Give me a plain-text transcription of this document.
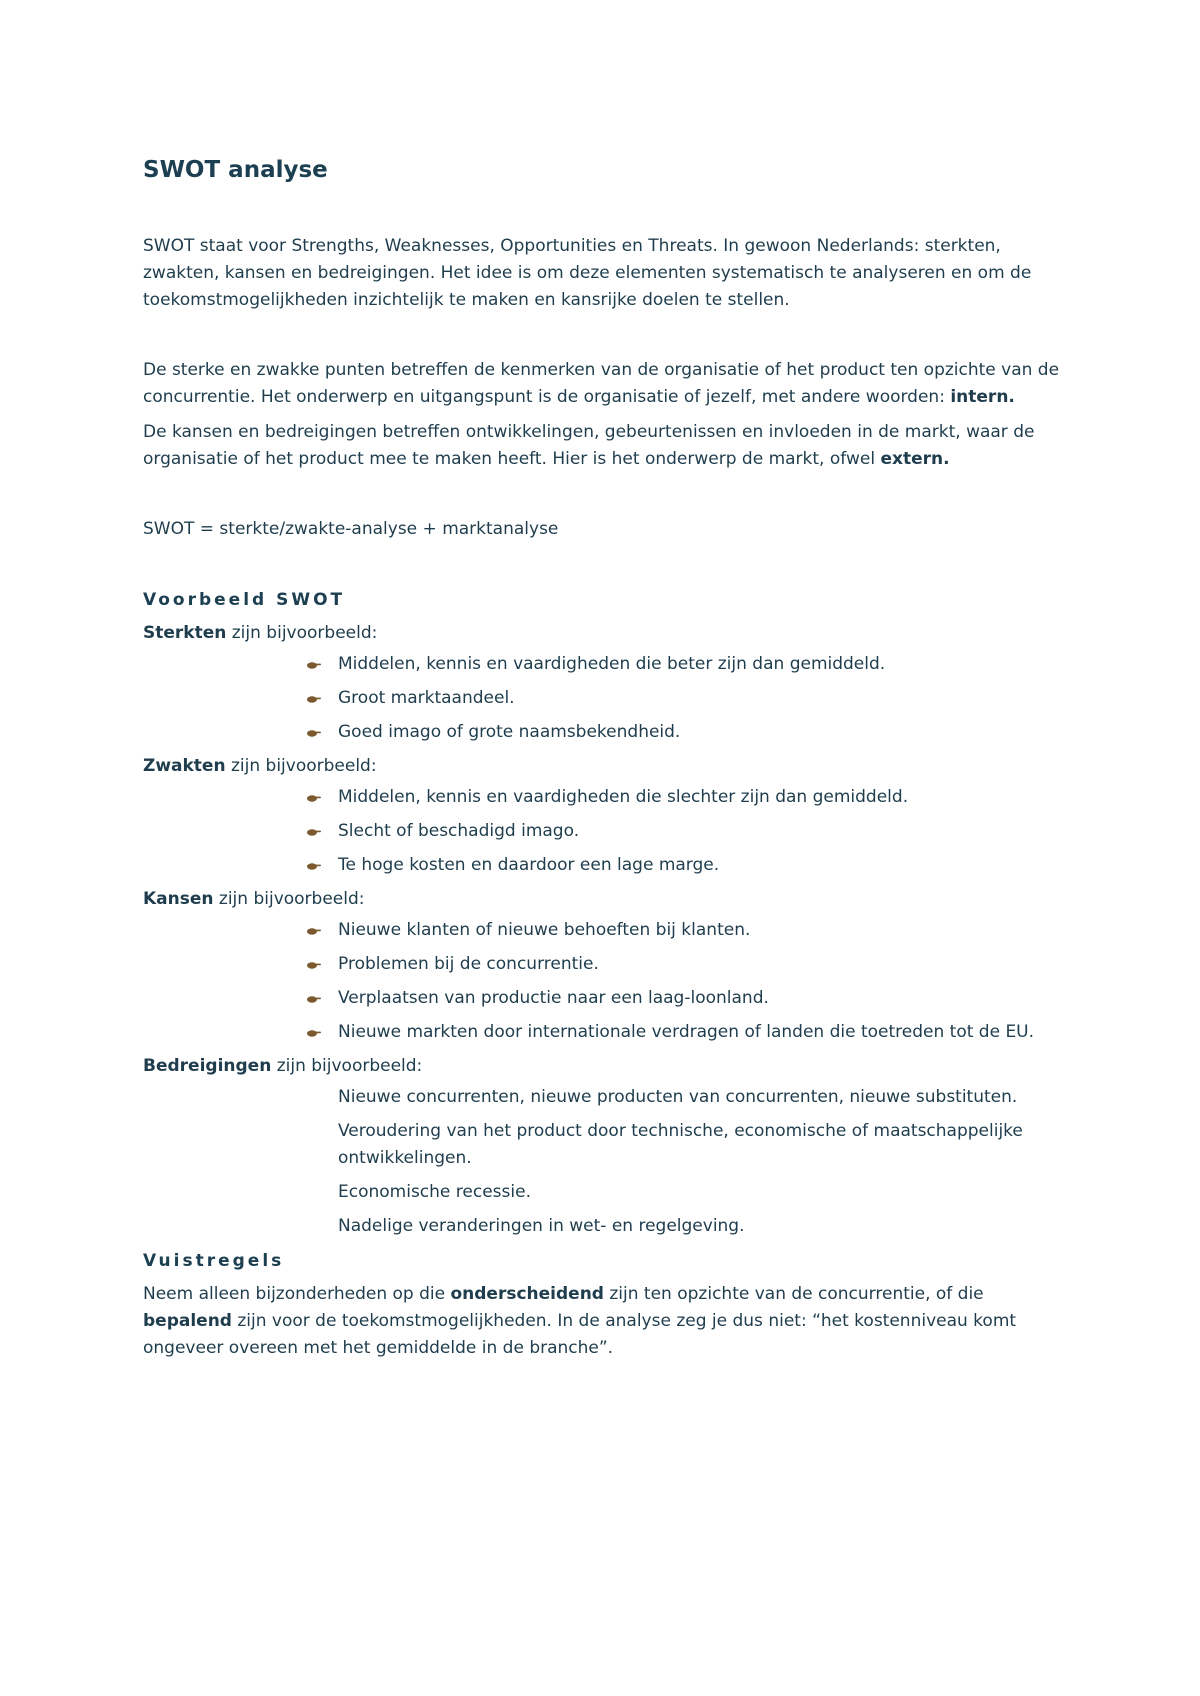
SWOT analyse

SWOT staat voor Strengths, Weaknesses, Opportunities en Threats. In gewoon Nederlands: sterkten, zwakten, kansen en bedreigingen. Het idee is om deze elementen systematisch te analyseren en om de toekomstmogelijkheden inzichtelijk te maken en kansrijke doelen te stellen.

De sterke en zwakke punten betreffen de kenmerken van de organisatie of het product ten opzichte van de concurrentie. Het onderwerp en uitgangspunt is de organisatie of jezelf, met andere woorden: intern.

De kansen en bedreigingen betreffen ontwikkelingen, gebeurtenissen en invloeden in de markt, waar de organisatie of het product mee te maken heeft. Hier is het onderwerp de markt, ofwel extern.

SWOT = sterkte/zwakte-analyse + marktanalyse

Voorbeeld SWOT
Sterkten zijn bijvoorbeeld:
Middelen, kennis en vaardigheden die beter zijn dan gemiddeld.
Groot marktaandeel.
Goed imago of grote naamsbekendheid.
Zwakten zijn bijvoorbeeld:
Middelen, kennis en vaardigheden die slechter zijn dan gemiddeld.
Slecht of beschadigd imago.
Te hoge kosten en daardoor een lage marge.
Kansen zijn bijvoorbeeld:
Nieuwe klanten of nieuwe behoeften bij klanten.
Problemen bij de concurrentie.
Verplaatsen van productie naar een laag-loonland.
Nieuwe markten door internationale verdragen of landen die toetreden tot de EU.
Bedreigingen zijn bijvoorbeeld:
Nieuwe concurrenten, nieuwe producten van concurrenten, nieuwe substituten.
Veroudering van het product door technische, economische of maatschappelijke ontwikkelingen.
Economische recessie.
Nadelige veranderingen in wet- en regelgeving.
Vuistregels

Neem alleen bijzonderheden op die onderscheidend zijn ten opzichte van de concurrentie, of die bepalend zijn voor de toekomstmogelijkheden. In de analyse zeg je dus niet: “het kostenniveau komt ongeveer overeen met het gemiddelde in de branche”.
